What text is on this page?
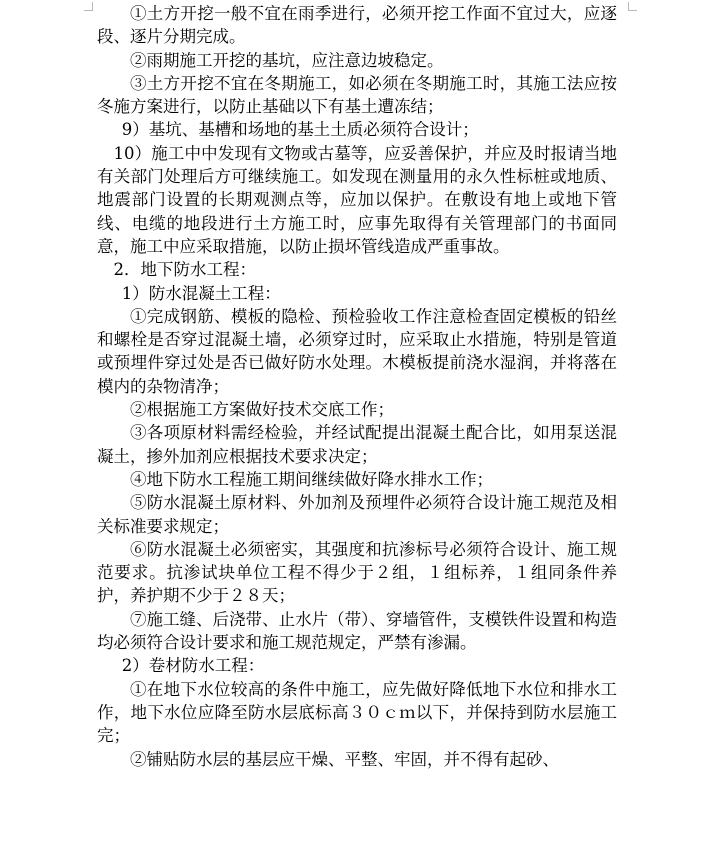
①土方开挖一般不宜在雨季进行，必须开挖工作面不宜过大，应逐段、逐片分期完成。

②雨期施工开挖的基坑，应注意边坡稳定。

③土方开挖不宜在冬期施工，如必须在冬期施工时，其施工法应按冬施方案进行，以防止基础以下有基土遭冻结；

9）基坑、基槽和场地的基土土质必须符合设计；

10）施工中中发现有文物或古墓等，应妥善保护，并应及时报请当地有关部门处理后方可继续施工。如发现在测量用的永久性标桩或地质、地震部门设置的长期观测点等，应加以保护。在敷设有地上或地下管线、电缆的地段进行土方施工时，应事先取得有关管理部门的书面同意，施工中应采取措施，以防止损坏管线造成严重事故。

2．地下防水工程：

1）防水混凝土工程：

①完成钢筋、模板的隐检、预检验收工作注意检查固定模板的铅丝和螺栓是否穿过混凝土墙，必须穿过时，应采取止水措施，特别是管道或预埋件穿过处是否已做好防水处理。木模板提前浇水湿润，并将落在模内的杂物清净；

②根据施工方案做好技术交底工作；

③各项原材料需经检验，并经试配提出混凝土配合比，如用泵送混凝土，掺外加剂应根据技术要求决定；

④地下防水工程施工期间继续做好降水排水工作；

⑤防水混凝土原材料、外加剂及预埋件必须符合设计施工规范及相关标准要求规定；

⑥防水混凝土必须密实，其强度和抗渗标号必须符合设计、施工规范要求。抗渗试块单位工程不得少于２组，１组标养，１组同条件养护，养护期不少于２８天；

⑦施工缝、后浇带、止水片（带）、穿墙管件，支模铁件设置和构造均必须符合设计要求和施工规范规定，严禁有渗漏。

2）卷材防水工程：

①在地下水位较高的条件中施工，应先做好降低地下水位和排水工作，地下水位应降至防水层底标高３０ｃｍ以下，并保持到防水层施工完；

②铺贴防水层的基层应干燥、平整、牢固，并不得有起砂、
